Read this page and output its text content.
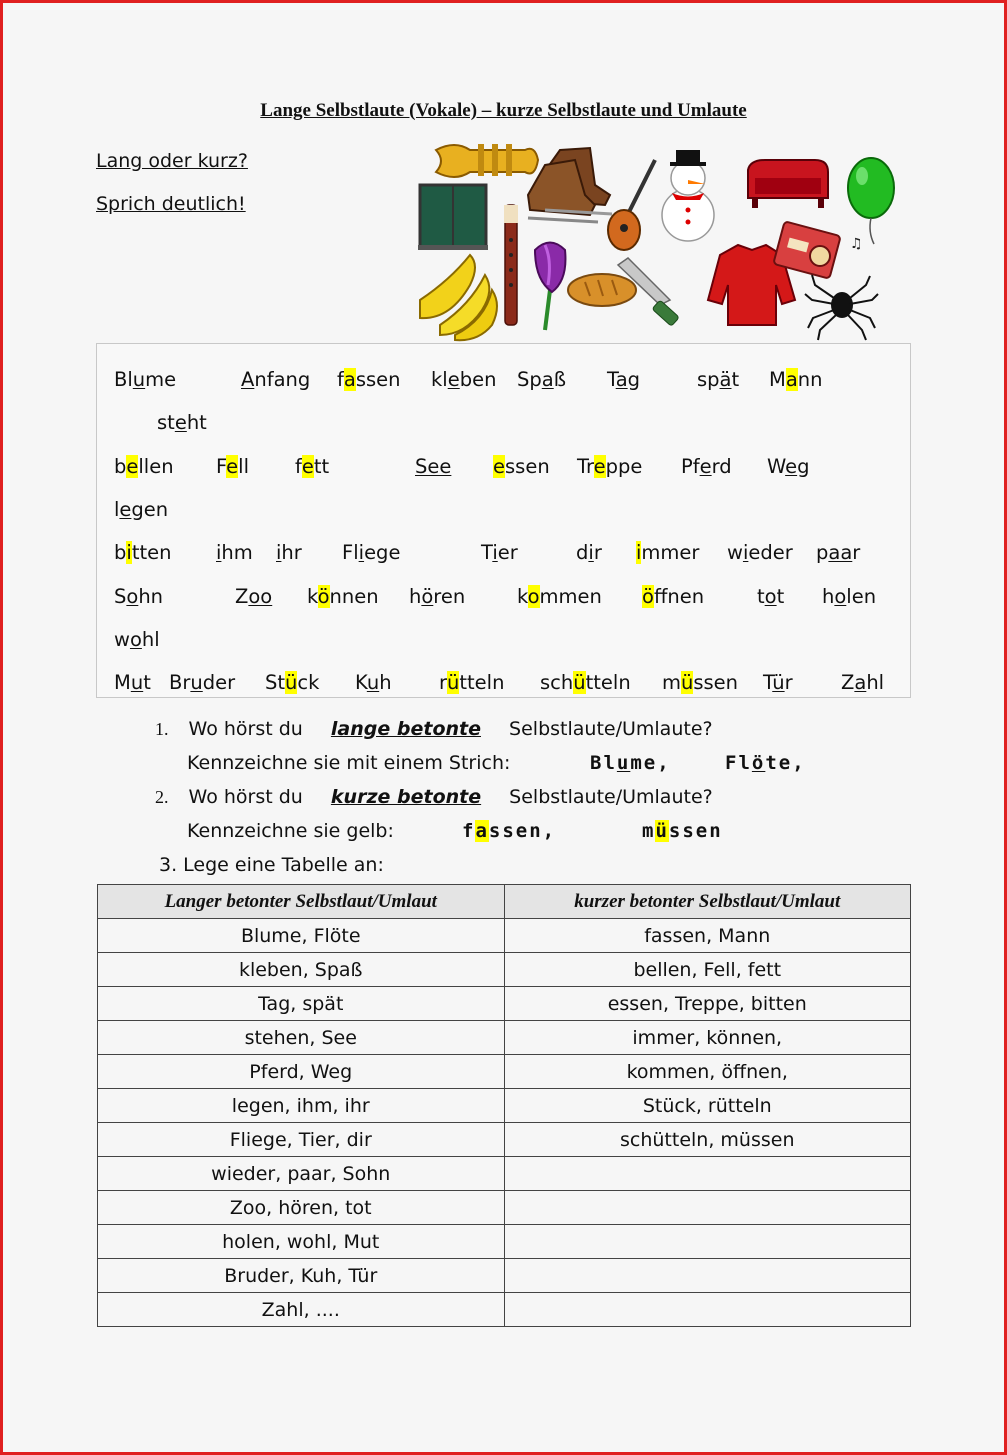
Lange Selbstlaute (Vokale) – kurze Selbstlaute und Umlaute
Lang oder kurz?
Sprich deutlich!
♫
Blume	Anfang fassen kleben Spaß Tag	spät Mann
steht
bellen Fell fett	See essen Treppe Pferd Weg
legen
bitten ihm ihr Fliege	Tier	dir immer wieder paar
Sohn	Zoo können hören	kommen öffnen	tot holen
wohl
Mut Bruder Stück Kuh rütteln schütteln müssen Tür Zahl
1. Wo hörst du lange betonte Selbstlaute/Umlaute?
Kennzeichne sie mit einem Strich:	Blume,	Flöte,
2. Wo hörst du kurze betonte Selbstlaute/Umlaute?
Kennzeichne sie gelb:	fassen,	müssen
3. Lege eine Tabelle an:
Langer betonter Selbstlaut/Umlaut	kurzer betonter Selbstlaut/Umlaut
Blume, Flöte	fassen, Mann
kleben, Spaß	bellen, Fell, fett
Tag, spät	essen, Treppe, bitten
stehen, See	immer, können,
Pferd, Weg	kommen, öffnen,
legen, ihm, ihr	Stück, rütteln
Fliege, Tier, dir	schütteln, müssen
wieder, paar, Sohn	
Zoo, hören, tot	
holen, wohl, Mut	
Bruder, Kuh, Tür	
Zahl, ....	
